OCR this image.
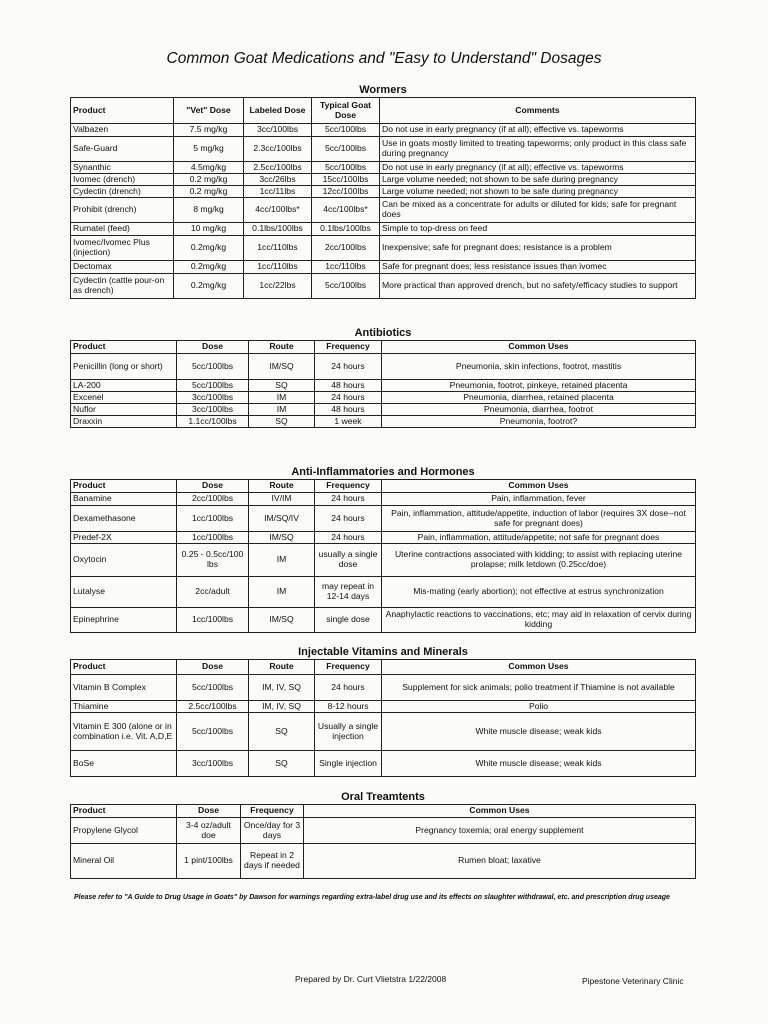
Common Goat Medications and "Easy to Understand" Dosages
Wormers
Product	"Vet" Dose	Labeled Dose	Typical Goat Dose	Comments
Valbazen	7.5 mg/kg	3cc/100lbs	5cc/100lbs	Do not use in early pregnancy (if at all); effective vs. tapeworms
Safe-Guard	5 mg/kg	2.3cc/100lbs	5cc/100lbs	Use in goats mostly limited to treating tapeworms; only product in this class safe during pregnancy
Synanthic	4.5mg/kg	2.5cc/100lbs	5cc/100lbs	Do not use in early pregnancy (if at all); effective vs. tapeworms
Ivomec (drench)	0.2 mg/kg	3cc/26lbs	15cc/100lbs	Large volume needed; not shown to be safe during pregnancy
Cydectin (drench)	0.2 mg/kg	1cc/11lbs	12cc/100lbs	Large volume needed; not shown to be safe during pregnancy
Prohibit (drench)	8 mg/kg	4cc/100lbs*	4cc/100lbs*	Can be mixed as a concentrate for adults or diluted for kids; safe for pregnant does
Rumatel (feed)	10 mg/kg	0.1lbs/100lbs	0.1lbs/100lbs	Simple to top-dress on feed
Ivomec/Ivomec Plus (injection)	0.2mg/kg	1cc/110lbs	2cc/100lbs	Inexpensive; safe for pregnant does; resistance is a problem
Dectomax	0.2mg/kg	1cc/110lbs	1cc/110lbs	Safe for pregnant does; less resistance issues than ivomec
Cydectin (cattle pour-on as drench)	0.2mg/kg	1cc/22lbs	5cc/100lbs	More practical than approved drench, but no safety/efficacy studies to support
Antibiotics
Product	Dose	Route	Frequency	Common Uses
Penicillin (long or short)	5cc/100lbs	IM/SQ	24 hours	Pneumonia, skin infections, footrot, mastitis
LA-200	5cc/100lbs	SQ	48 hours	Pneumonia, footrot, pinkeye, retained placenta
Excenel	3cc/100lbs	IM	24 hours	Pneumonia, diarrhea, retained placenta
Nuflor	3cc/100lbs	IM	48 hours	Pneumonia, diarrhea, footrot
Draxxin	1.1cc/100lbs	SQ	1 week	Pneumonia, footrot?
Anti-Inflammatories and Hormones
Product	Dose	Route	Frequency	Common Uses
Banamine	2cc/100lbs	IV/IM	24 hours	Pain, inflammation, fever
Dexamethasone	1cc/100lbs	IM/SQ/IV	24 hours	Pain, inflammation, attitude/appetite, induction of labor (requires 3X dose--not safe for pregnant does)
Predef-2X	1cc/100lbs	IM/SQ	24 hours	Pain, inflammation, attitude/appetite; not safe for pregnant does
Oxytocin	0.25 - 0.5cc/100 lbs	IM	usually a single dose	Uterine contractions associated with kidding; to assist with replacing uterine prolapse; milk letdown (0.25cc/doe)
Lutalyse	2cc/adult	IM	may repeat in 12-14 days	Mis-mating (early abortion); not effective at estrus synchronization
Epinephrine	1cc/100lbs	IM/SQ	single dose	Anaphylactic reactions to vaccinations, etc; may aid in relaxation of cervix during kidding
Injectable Vitamins and Minerals
Product	Dose	Route	Frequency	Common Uses
Vitamin B Complex	5cc/100lbs	IM, IV, SQ	24 hours	Supplement for sick animals; polio treatment if Thiamine is not available
Thiamine	2.5cc/100lbs	IM, IV, SQ	8-12 hours	Polio
Vitamin E 300 (alone or in combination i.e. Vit. A,D,E	5cc/100lbs	SQ	Usually a single injection	White muscle disease; weak kids
BoSe	3cc/100lbs	SQ	Single injection	White muscle disease; weak kids
Oral Treamtents
Product	Dose	Frequency	Common Uses
Propylene Glycol	3-4 oz/adult doe	Once/day for 3 days	Pregnancy toxemia; oral energy supplement
Mineral Oil	1 pint/100lbs	Repeat in 2 days if needed	Rumen bloat; laxative
Please refer to "A Guide to Drug Usage in Goats" by Dawson for warnings regarding extra-label drug use and its effects on slaughter withdrawal, etc. and prescription drug useage
Prepared by Dr. Curt Vlietstra 1/22/2008	Pipestone Veterinary Clinic
